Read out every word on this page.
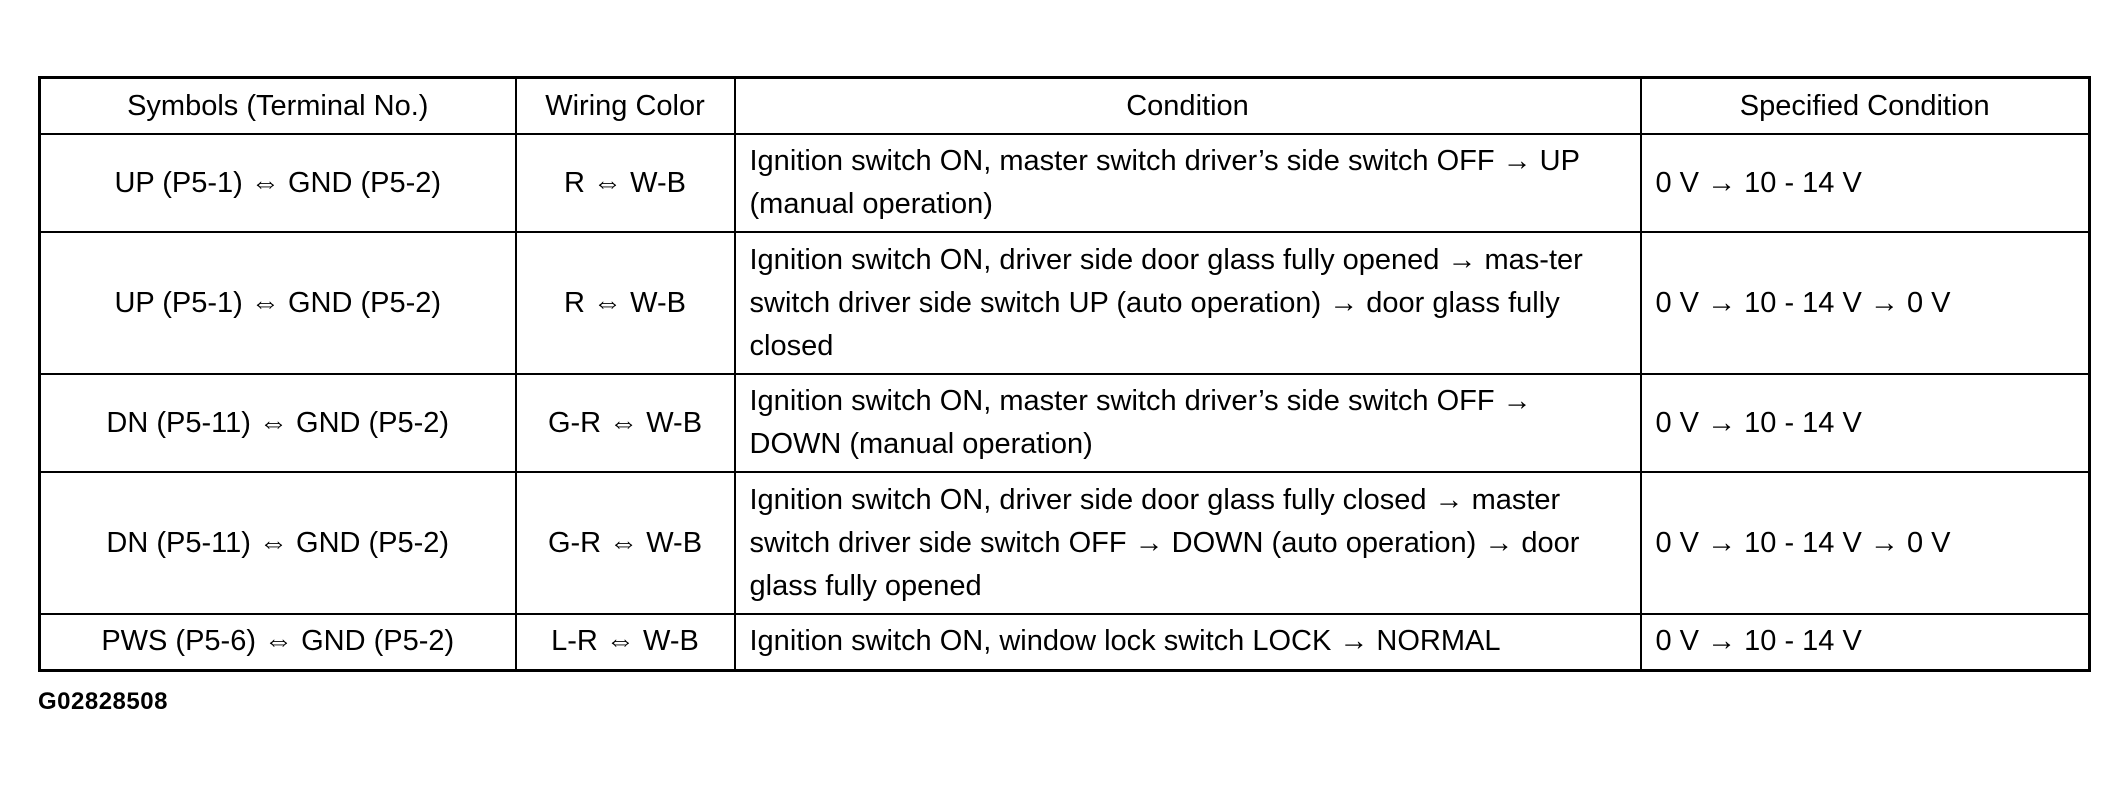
Symbols (Terminal No.)	Wiring Color	Condition	Specified Condition
UP (P5-1) ⇔ GND (P5-2)	R ⇔ W-B	Ignition switch ON, master switch driver’s side switch OFF → UP (manual operation)	0 V → 10 - 14 V
UP (P5-1) ⇔ GND (P5-2)	R ⇔ W-B	Ignition switch ON, driver side door glass fully opened → mas-ter switch driver side switch UP (auto operation) → door glass fully closed	0 V → 10 - 14 V → 0 V
DN (P5-11) ⇔ GND (P5-2)	G-R ⇔ W-B	Ignition switch ON, master switch driver’s side switch OFF → DOWN (manual operation)	0 V → 10 - 14 V
DN (P5-11) ⇔ GND (P5-2)	G-R ⇔ W-B	Ignition switch ON, driver side door glass fully closed → master switch driver side switch OFF → DOWN (auto operation) → door glass fully opened	0 V → 10 - 14 V → 0 V
PWS (P5-6) ⇔ GND (P5-2)	L-R ⇔ W-B	Ignition switch ON, window lock switch LOCK → NORMAL	0 V → 10 - 14 V
G02828508
